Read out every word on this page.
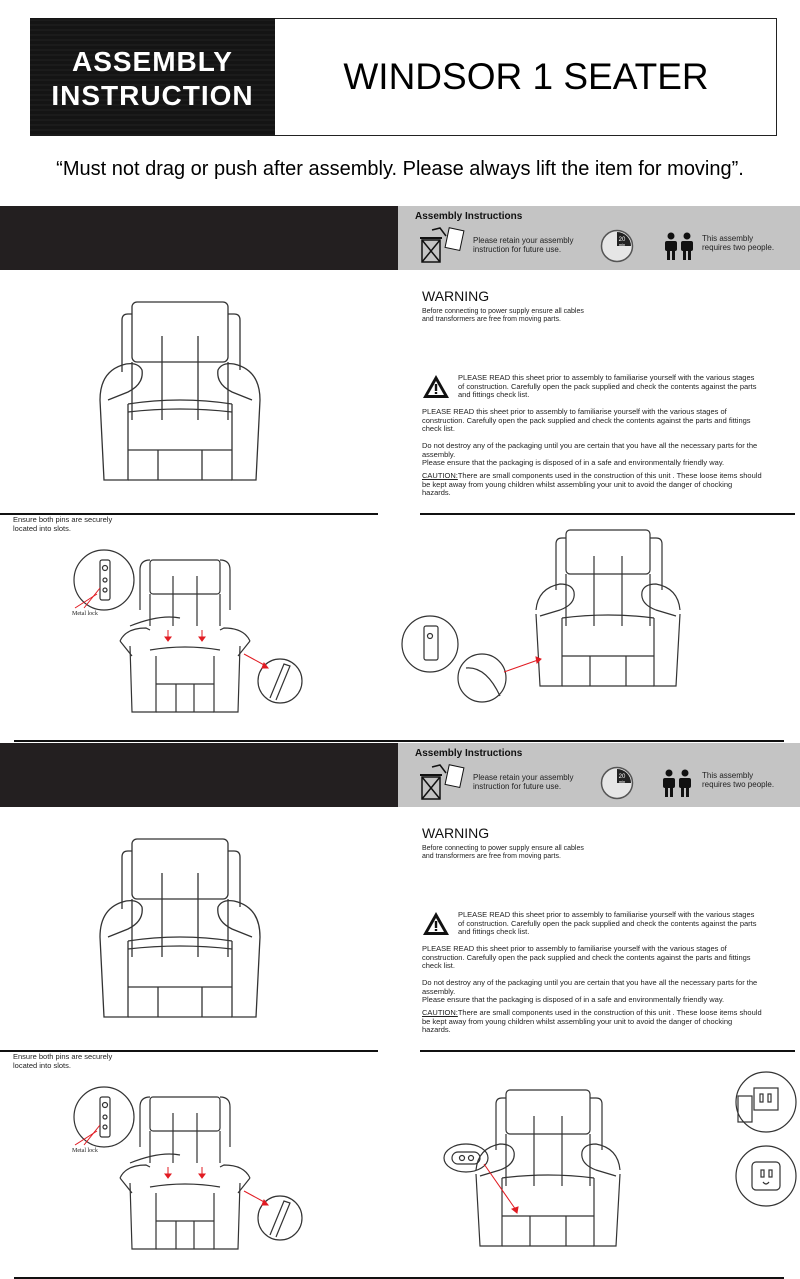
ASSEMBLY
INSTRUCTION	WINDSOR 1 SEATER
“Must not drag or push after assembly. Please always lift the item for moving”.
Assembly Instructions
Please retain your assembly
instruction for future use.
20
min
This assembly
requires two people.
WARNING
Before connecting to power supply ensure all cables
and transformers are free from moving parts.
PLEASE READ this sheet prior to assembly to familiarise yourself with the various stages of construction. Carefully open the pack supplied and check the contents against the parts and fittings check list.
PLEASE READ this sheet prior to assembly to familiarise yourself with the various stages of construction. Carefully open the pack supplied and check the contents against the parts and fittings check list.
Do not destroy any of the packaging until you are certain that you have all the necessary parts for the assembly.
Please ensure that the packaging is disposed of in a safe and environmentally friendly way.
CAUTION:There are small components used in the construction of this unit . These loose items should be kept away from young children whilst assembling your unit to avoid the danger of chocking hazards.
Ensure both pins are securely
located into slots.
Metal lock
Assembly Instructions
Please retain your assembly
instruction for future use.
20
min
This assembly
requires two people.
WARNING
Before connecting to power supply ensure all cables
and transformers are free from moving parts.
PLEASE READ this sheet prior to assembly to familiarise yourself with the various stages of construction. Carefully open the pack supplied and check the contents against the parts and fittings check list.
PLEASE READ this sheet prior to assembly to familiarise yourself with the various stages of construction. Carefully open the pack supplied and check the contents against the parts and fittings check list.
Do not destroy any of the packaging until you are certain that you have all the necessary parts for the assembly.
Please ensure that the packaging is disposed of in a safe and environmentally friendly way.
CAUTION:There are small components used in the construction of this unit . These loose items should be kept away from young children whilst assembling your unit to avoid the danger of chocking hazards.
Ensure both pins are securely
located into slots.
Metal lock
